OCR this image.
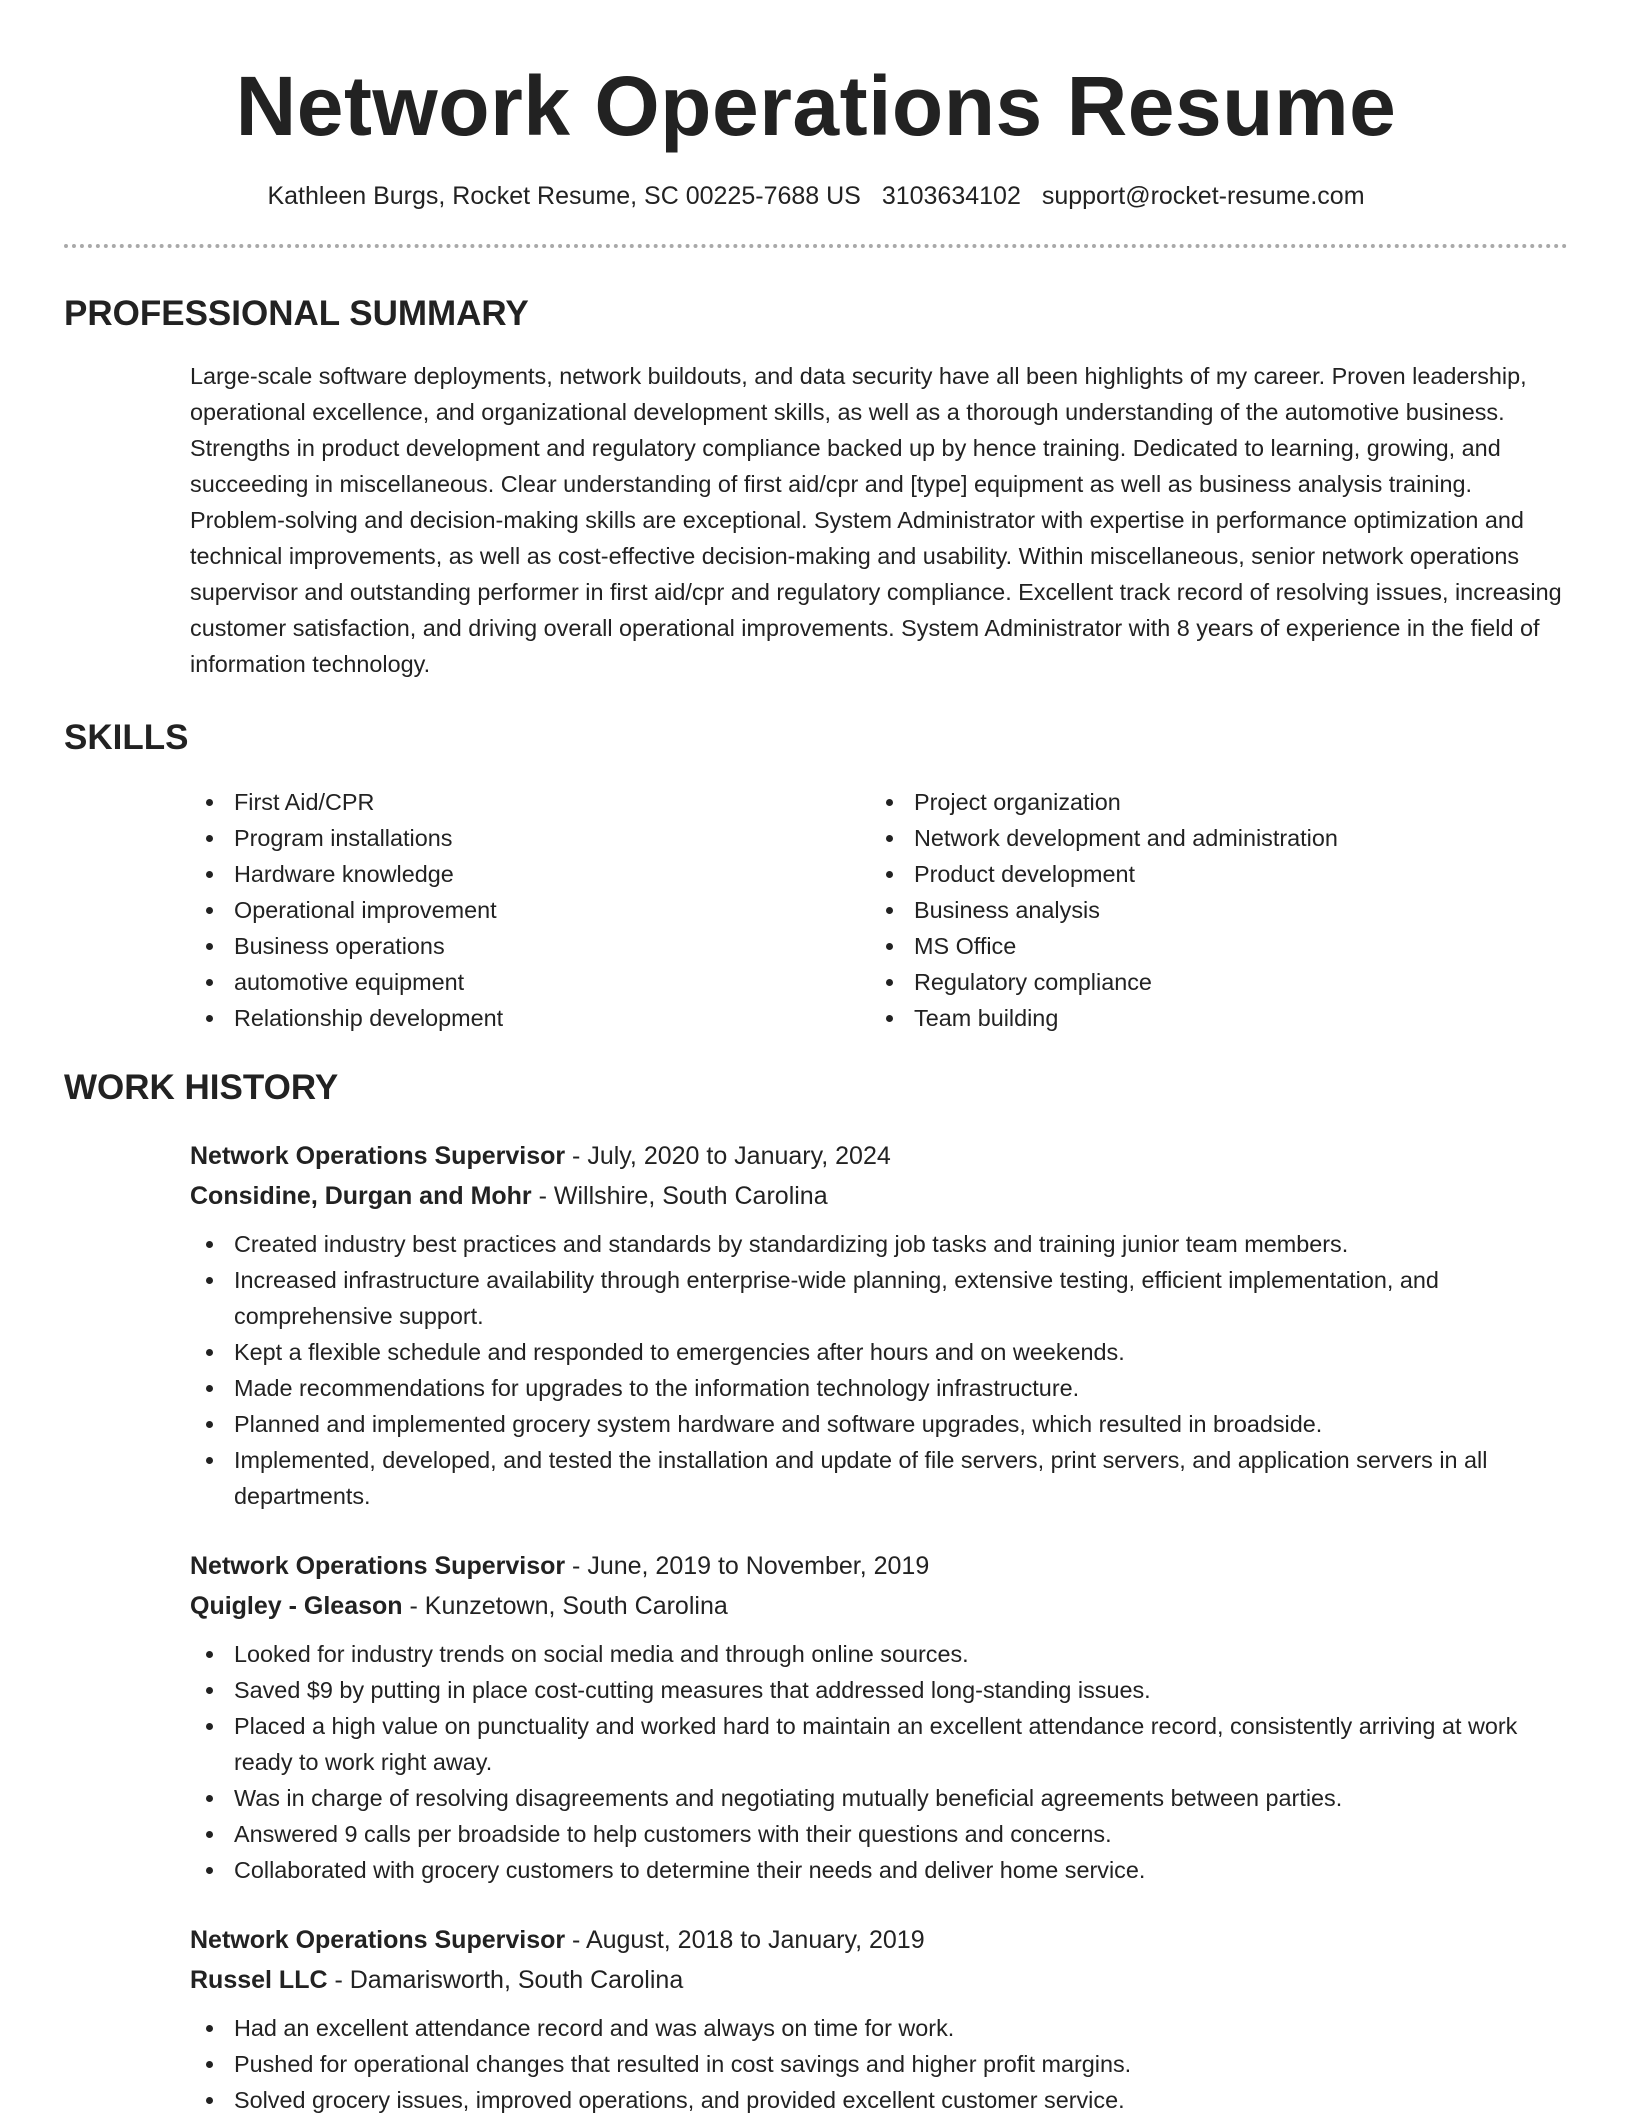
Network Operations Resume
Kathleen Burgs, Rocket Resume, SC 00225-7688 US 3103634102 support@rocket-resume.com
PROFESSIONAL SUMMARY

Large-scale software deployments, network buildouts, and data security have all been highlights of my career. Proven leadership, operational excellence, and organizational development skills, as well as a thorough understanding of the automotive business. Strengths in product development and regulatory compliance backed up by hence training. Dedicated to learning, growing, and succeeding in miscellaneous. Clear understanding of first aid/cpr and [type] equipment as well as business analysis training. Problem-solving and decision-making skills are exceptional. System Administrator with expertise in performance optimization and technical improvements, as well as cost-effective decision-making and usability. Within miscellaneous, senior network operations supervisor and outstanding performer in first aid/cpr and regulatory compliance. Excellent track record of resolving issues, increasing customer satisfaction, and driving overall operational improvements. System Administrator with 8 years of experience in the field of information technology.

SKILLS
First Aid/CPR
Program installations
Hardware knowledge
Operational improvement
Business operations
automotive equipment
Relationship development
Project organization
Network development and administration
Product development
Business analysis
MS Office
Regulatory compliance
Team building
WORK HISTORY
Network Operations Supervisor - July, 2020 to January, 2024
Considine, Durgan and Mohr - Willshire, South Carolina
Created industry best practices and standards by standardizing job tasks and training junior team members.
Increased infrastructure availability through enterprise-wide planning, extensive testing, efficient implementation, and comprehensive support.
Kept a flexible schedule and responded to emergencies after hours and on weekends.
Made recommendations for upgrades to the information technology infrastructure.
Planned and implemented grocery system hardware and software upgrades, which resulted in broadside.
Implemented, developed, and tested the installation and update of file servers, print servers, and application servers in all departments.
Network Operations Supervisor - June, 2019 to November, 2019
Quigley - Gleason - Kunzetown, South Carolina
Looked for industry trends on social media and through online sources.
Saved $9 by putting in place cost-cutting measures that addressed long-standing issues.
Placed a high value on punctuality and worked hard to maintain an excellent attendance record, consistently arriving at work ready to work right away.
Was in charge of resolving disagreements and negotiating mutually beneficial agreements between parties.
Answered 9 calls per broadside to help customers with their questions and concerns.
Collaborated with grocery customers to determine their needs and deliver home service.
Network Operations Supervisor - August, 2018 to January, 2019
Russel LLC - Damarisworth, South Carolina
Had an excellent attendance record and was always on time for work.
Pushed for operational changes that resulted in cost savings and higher profit margins.
Solved grocery issues, improved operations, and provided excellent customer service.
